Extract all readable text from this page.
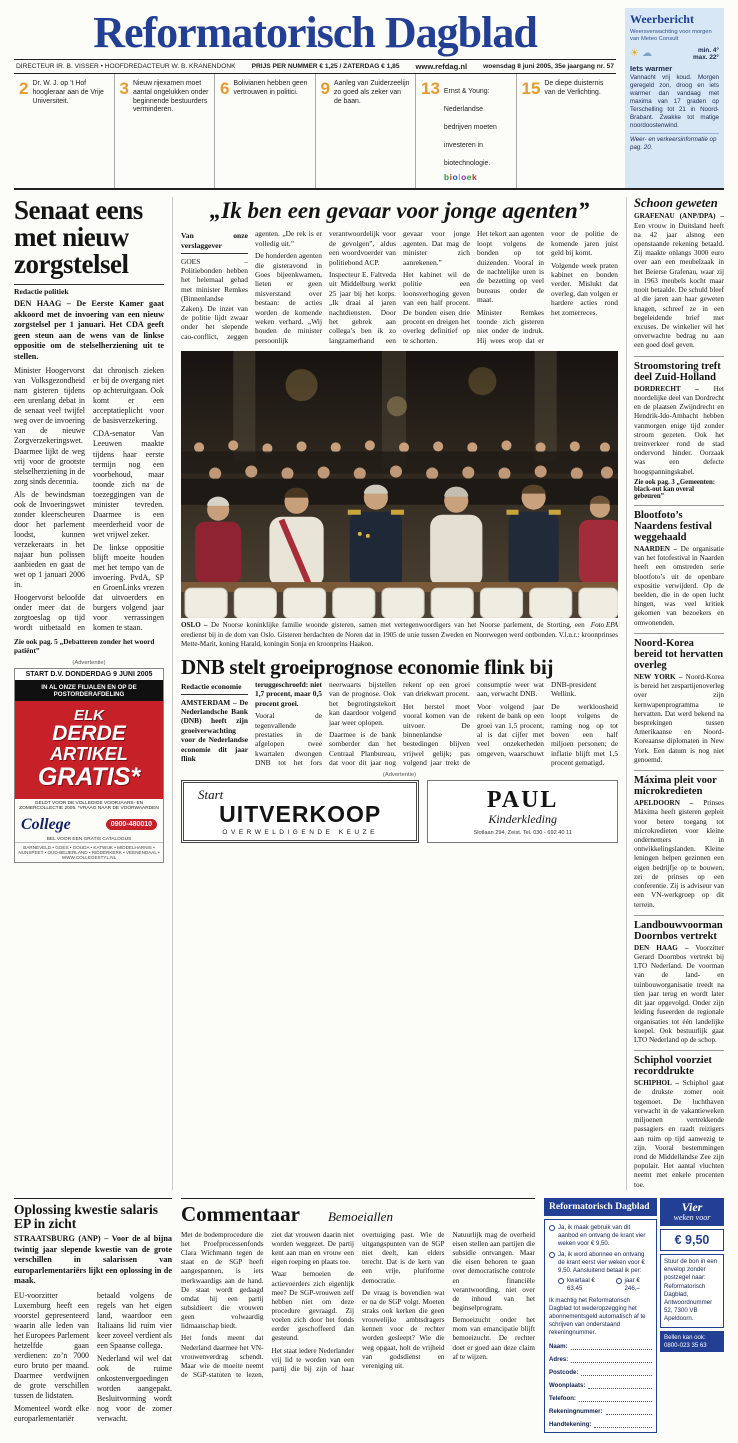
Reformatorisch Dagblad
DIRECTEUR IR. B. VISSER • HOOFDREDACTEUR W. B. KRANENDONK PRIJS PER NUMMER € 1,25 / ZATERDAG € 1,85 www.refdag.nl woensdag 8 juni 2005, 35e jaargang nr. 57
2 Dr. W. J. op ’t Hof hoogleraar aan de Vrije Universiteit.
3 Nieuw rijexamen moet aantal ongelukken onder beginnende bestuurders verminderen.
6 Bolivianen hebben geen vertrouwen in politici.	9 Aanleg van Zuiderzeelijn zo goed als zeker van de baan.
13 Ernst & Young: Nederlandse bedrijven moeten investeren in biotechnologie.
bioloek
15 De diepe duisternis van de Verlichting.
Weerbericht
Weersverwachting voor morgen van Meteo Consult
☀ ☁	min. 4°
max. 22°
Iets warmer
Vannacht vrij koud. Morgen geregeld zon, droog en iets warmer dan vandaag met maxima van 17 graden op Terschelling tot 21 in Noord-Brabant. Zwakke tot matige noordoostenwind.
Weer- en verkeersinformatie op pag. 20.
Senaat eens met nieuw zorgstelsel
Redactie politiek

DEN HAAG – De Eerste Kamer gaat akkoord met de invoering van een nieuw zorgstelsel per 1 januari. Het CDA geeft geen steun aan de wens van de linkse oppositie om de stelselherziening uit te stellen.

Minister Hoogervorst van Volksgezondheid nam gisteren tijdens een urenlang debat in de senaat veel twijfel weg over de invoering van de nieuwe Zorgverzekeringswet. Daarmee lijkt de weg vrij voor de grootste stelselherziening in de zorg sinds decennia.

Als de bewindsman ook de Invoeringswet zonder kleerscheuren door het parlement loodst, kunnen verzekeraars in het najaar hun polissen aanbieden en gaat de wet op 1 januari 2006 in.

Hoogervorst beloofde onder meer dat de zorgtoeslag op tijd wordt uitbetaald en dat chronisch zieken er bij de overgang niet op achteruitgaan. Ook komt er een acceptatieplicht voor de basisverzekering.

CDA-senator Van Leeuwen maakte tijdens haar eerste termijn nog een voorbehoud, maar toonde zich na de toezeggingen van de minister tevreden. Daarmee is een meerderheid voor de wet vrijwel zeker.

De linkse oppositie blijft moeite houden met het tempo van de invoering. PvdA, SP en GroenLinks vrezen dat uitvoerders en burgers volgend jaar voor verrassingen komen te staan.

Zie ook pag. 5 „Debatteren zonder het woord patiënt”
(Advertentie)
START D.V. DONDERDAG 9 JUNI 2005
IN AL ONZE FILIALEN EN OP DE POSTORDERAFDELING
ELK
DERDE
ARTIKEL
GRATIS*
GELDT VOOR DE VOLLEDIGE VOORJAARS- EN ZOMERCOLLECTIE 2005. *VRAAG NAAR DE VOORWAARDEN
College	0900-480010
BEL VOOR EEN GRATIS CATALOGUS
BARNEVELD • GOES • GOUDA • KATWIJK • MIDDELHARNIS • NUNSPEET • OUD-BEIJERLAND • RIDDERKERK • VEENENDAAL • WWW.COLLEGESTYL.NL
„Ik ben een gevaar voor jonge agenten”

Van onze verslaggever

GOES – Politiebonden hebben het helemaal gehad met minister Remkes (Binnenlandse Zaken). De inzet van de politie lijdt zwaar onder het slepende cao-conflict, zeggen agenten. „De rek is er volledig uit.”

De honderden agenten die gisteravond in Goes bijeenkwamen, lieten er geen misverstand over bestaan: de acties worden de komende weken verhard. „Wij houden de minister persoonlijk verantwoordelijk voor de gevolgen”, aldus een woordvoerder van politiebond ACP.

Inspecteur E. Faltveda uit Middelburg werkt 25 jaar bij het korps. „Ik draai al jaren nachtdiensten. Door het gebrek aan collega’s ben ik zo langzamerhand een gevaar voor jonge agenten. Dat mag de minister zich aanrekenen.”

Het kabinet wil de politie een loonsverhoging geven van een half procent. De bonden eisen drie procent en dreigen het overleg definitief op te schorten.

Het tekort aan agenten loopt volgens de bonden op tot duizenden. Vooral in de nachtelijke uren is de bezetting op veel bureaus onder de maat.

Minister Remkes toonde zich gisteren niet onder de indruk. Hij wees erop dat er voor de politie de komende jaren juist geld bij komt.

Volgende week praten kabinet en bonden verder. Mislukt dat overleg, dan volgen er hardere acties rond het zomerreces.

Foto EPA
OSLO – De Noorse koninklijke familie woonde gisteren, samen met vertegenwoordigers van het Noorse parlement, de Storting, een eredienst bij in de dom van Oslo. Gisteren herdachten de Noren dat in 1905 de unie tussen Zweden en Noorwegen werd ontbonden. V.l.n.r.: kroonprinses Mette-Marit, koning Harald, koningin Sonja en kroonprins Haakon.
DNB stelt groeiprognose economie flink bij

Redactie economie

AMSTERDAM – De Nederlandsche Bank (DNB) heeft zijn groeiverwachting voor de Nederlandse economie dit jaar flink teruggeschroefd: niet 1,7 procent, maar 0,5 procent groei.

Vooral de tegenvallende prestaties in de afgelopen twee kwartalen dwongen DNB tot het fors neerwaarts bijstellen van de prognose. Ook het begrotingstekort kan daardoor volgend jaar weer oplopen.

Daarmee is de bank somberder dan het Centraal Planbureau, dat voor dit jaar nog rekent op een groei van driekwart procent.

Het herstel moet vooral komen van de uitvoer. De binnenlandse bestedingen blijven vrijwel gelijk; pas volgend jaar trekt de consumptie weer wat aan, verwacht DNB.

Voor volgend jaar rekent de bank op een groei van 1,5 procent, al is dat cijfer met veel onzekerheden omgeven, waarschuwt DNB-president Wellink.

De werkloosheid loopt volgens de raming nog op tot boven een half miljoen personen; de inflatie blijft met 1,5 procent gematigd.

(Advertentie)
Start
UITVERKOOP
OVERWELDIGENDE KEUZE
PAUL
Kinderkleding
Slotlaan 294, Zeist. Tel. 030 - 692 40 11
Schoon geweten

GRAFENAU (ANP/DPA) – Een vrouw in Duitsland heeft na 42 jaar alsnog een openstaande rekening betaald. Zij maakte onlangs 3000 euro over aan een meubelzaak in het Beierse Grafenau, waar zij in 1963 meubels kocht maar nooit betaalde. De schuld bleef al die jaren aan haar geweten knagen, schreef ze in een begeleidende brief met excuses. De winkelier wil het onverwachte bedrag nu aan een goed doel geven.

Stroomstoring treft deel Zuid-Holland

DORDRECHT – Het noordelijke deel van Dordrecht en de plaatsen Zwijndrecht en Hendrik-Ido-Ambacht hebben vanmorgen enige tijd zonder stroom gezeten. Ook het treinverkeer rond de stad ondervond hinder. Oorzaak was een defecte hoogspanningskabel.

Zie ook pag. 3 „Gemeenten: black-out kan overal gebeuren”
Blootfoto’s Naardens festival weggehaald

NAARDEN – De organisatie van het fotofestival in Naarden heeft een omstreden serie blootfoto’s uit de openbare expositie verwijderd. Op de beelden, die in de open lucht hingen, was veel kritiek gekomen van bezoekers en omwonenden.

Noord-Korea bereid tot hervatten overleg

NEW YORK – Noord-Korea is bereid het zespartijenoverleg over zijn kernwapenprogramma te hervatten. Dat werd bekend na besprekingen tussen Amerikaanse en Noord-Koreaanse diplomaten in New York. Een datum is nog niet genoemd.

Máxima pleit voor microkredieten

APELDOORN – Prinses Máxima heeft gisteren gepleit voor betere toegang tot microkredieten voor kleine ondernemers in ontwikkelingslanden. Kleine leningen helpen gezinnen een eigen bedrijfje op te bouwen, zei de prinses op een conferentie. Zij is adviseur van een VN-werkgroep op dit terrein.

Landbouwvoorman Doornbos vertrekt

DEN HAAG – Voorzitter Gerard Doornbos vertrekt bij LTO Nederland. De voorman van de land- en tuinbouworganisatie treedt na tien jaar terug en wordt later dit jaar opgevolgd. Onder zijn leiding fuseerden de regionale organisaties tot één landelijke koepel. Ook bestuurlijk gaat LTO Nederland op de schop.

Schiphol voorziet recorddrukte

SCHIPHOL – Schiphol gaat de drukste zomer ooit tegemoet. De luchthaven verwacht in de vakantieweken miljoenen vertrekkende passagiers en raadt reizigers aan ruim op tijd aanwezig te zijn. Vooral bestemmingen rond de Middellandse Zee zijn populair. Het aantal vluchten neemt met enkele procenten toe.

Oplossing kwestie salaris EP in zicht

STRAATSBURG (ANP) – Voor de al bijna twintig jaar slepende kwestie van de grote verschillen in salarissen van europarlementariërs lijkt een oplossing in de maak.

EU-voorzitter Luxemburg heeft een voorstel gepresenteerd waarin alle leden van het Europees Parlement hetzelfde gaan verdienen: zo’n 7000 euro bruto per maand. Daarmee verdwijnen de grote verschillen tussen de lidstaten.

Momenteel wordt elke europarlementariër betaald volgens de regels van het eigen land, waardoor een Italiaans lid ruim vier keer zoveel verdient als een Spaanse collega.

Nederland wil wel dat ook de ruime onkostenvergoedingen worden aangepakt. Besluitvorming wordt nog voor de zomer verwacht.

Commentaar Bemoeiallen

Met de bodemprocedure die het Proefprocessenfonds Clara Wichmann tegen de staat en de SGP heeft aangespannen, is iets merkwaardigs aan de hand. De staat wordt gedaagd omdat hij een partij subsidieert die vrouwen geen volwaardig lidmaatschap biedt.

Het fonds meent dat Nederland daarmee het VN-vrouwenverdrag schendt. Maar wie de moeite neemt de SGP-statuten te lezen, ziet dat vrouwen daarin niet worden weggezet. De partij kent aan man en vrouw een eigen roeping en plaats toe.

Waar bemoeien de actievoerders zich eigenlijk mee? De SGP-vrouwen zelf hebben niet om deze procedure gevraagd. Zij voelen zich door het fonds eerder geschoffeerd dan gesteund.

Het staat iedere Nederlander vrij lid te worden van een partij die bij zijn of haar overtuiging past. Wie de uitgangspunten van de SGP niet deelt, kan elders terecht. Dat is de kern van een vrije, pluriforme democratie.

De vraag is bovendien wat er na de SGP volgt. Moeten straks ook kerken die geen vrouwelijke ambtsdragers kennen voor de rechter worden gesleept? Wie die weg opgaat, holt de vrijheid van godsdienst en vereniging uit.

Natuurlijk mag de overheid eisen stellen aan partijen die subsidie ontvangen. Maar die eisen behoren te gaan over democratische controle en financiële verantwoording, niet over de inhoud van het beginselprogram.

Bemoeizucht onder het mom van emancipatie blijft bemoeizucht. De rechter doet er goed aan deze claim af te wijzen.

Reformatorisch Dagblad
Ja, ik maak gebruik van dit aanbod en ontvang de krant vier weken voor € 9,50.
Ja, ik word abonnee en ontvang de krant eerst vier weken voor € 9,50. Aansluitend betaal ik per:
kwartaal € 63,45
jaar € 246,–
Ik machtig het Reformatorisch Dagblad tot wederopzegging het abonnementsgeld automatisch af te schrijven van onderstaand rekeningnummer.
Naam:
Adres:
Postcode:
Woonplaats:
Telefoon:
Rekeningnummer:
Handtekening:
Vier
weken voor
€ 9,50
Stuur de bon in een envelop zonder postzegel naar: Reformatorisch Dagblad, Antwoordnummer 52, 7300 VB Apeldoorn.
Bellen kan ook: 0800-023 35 63
